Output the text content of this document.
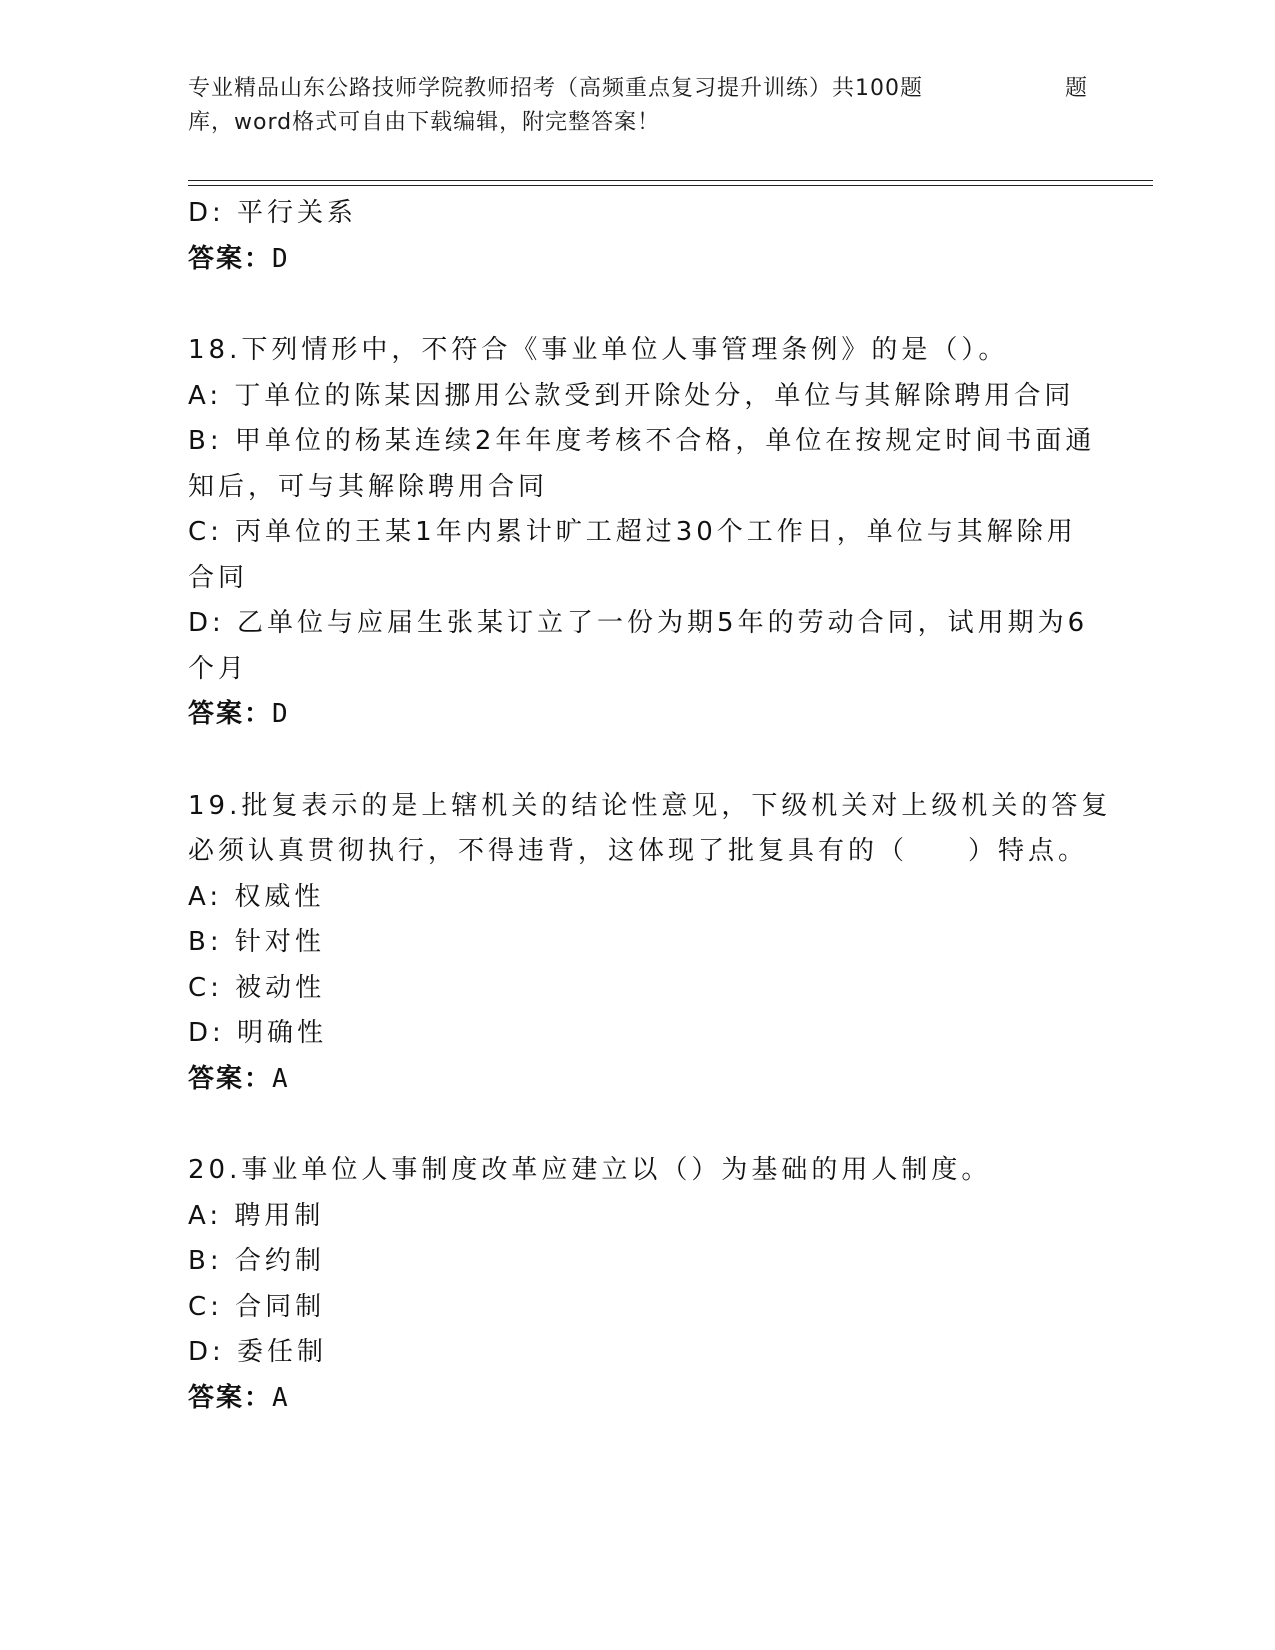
专业精品山东公路技师学院教师招考（高频重点复习提升训练）共100题	题
库，word格式可自由下载编辑，附完整答案！

D: 平行关系

答案：D

18.下列情形中，不符合《事业单位人事管理条例》的是（）。

A: 丁单位的陈某因挪用公款受到开除处分，单位与其解除聘用合同

B: 甲单位的杨某连续2年年度考核不合格，单位在按规定时间书面通

知后，可与其解除聘用合同

C: 丙单位的王某1年内累计旷工超过30个工作日，单位与其解除用

合同

D: 乙单位与应届生张某订立了一份为期5年的劳动合同，试用期为6

个月

答案：D

19.批复表示的是上辖机关的结论性意见，下级机关对上级机关的答复

必须认真贯彻执行，不得违背，这体现了批复具有的（　　）特点。

A: 权威性

B: 针对性

C: 被动性

D: 明确性

答案：A

20.事业单位人事制度改革应建立以（）为基础的用人制度。

A: 聘用制

B: 合约制

C: 合同制

D: 委任制

答案：A
